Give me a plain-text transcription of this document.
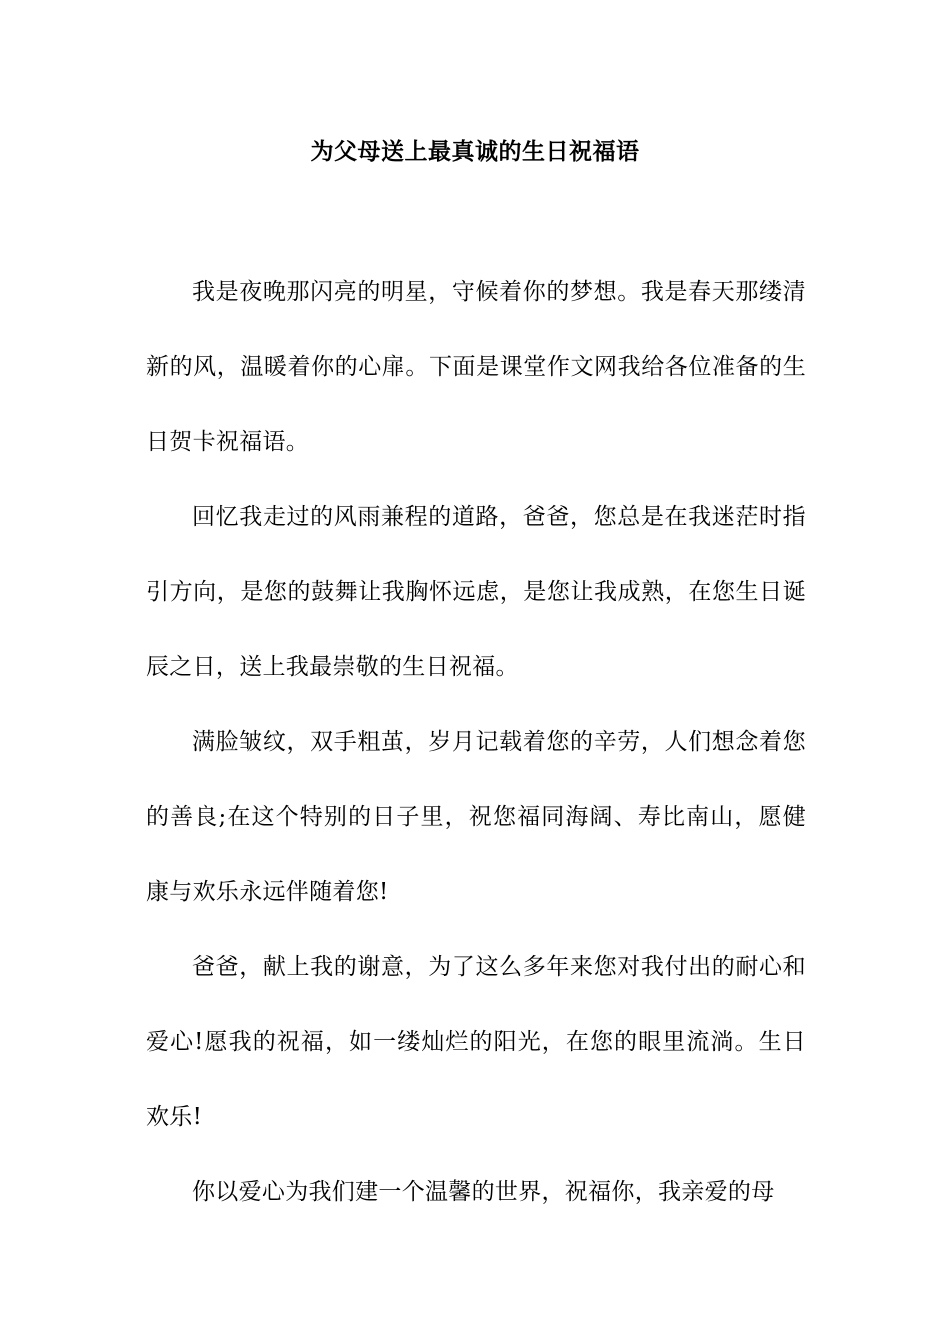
为父母送上最真诚的生日祝福语

我是夜晚那闪亮的明星，守候着你的梦想。我是春天那缕清新的风，温暖着你的心扉。下面是课堂作文网我给各位准备的生日贺卡祝福语。

回忆我走过的风雨兼程的道路，爸爸，您总是在我迷茫时指引方向，是您的鼓舞让我胸怀远虑，是您让我成熟，在您生日诞辰之日，送上我最崇敬的生日祝福。

满脸皱纹，双手粗茧，岁月记载着您的辛劳，人们想念着您的善良;在这个特别的日子里，祝您福同海阔、寿比南山，愿健康与欢乐永远伴随着您!

爸爸，献上我的谢意，为了这么多年来您对我付出的耐心和爱心!愿我的祝福，如一缕灿烂的阳光，在您的眼里流淌。生日欢乐!

你以爱心为我们建一个温馨的世界，祝福你，我亲爱的母
